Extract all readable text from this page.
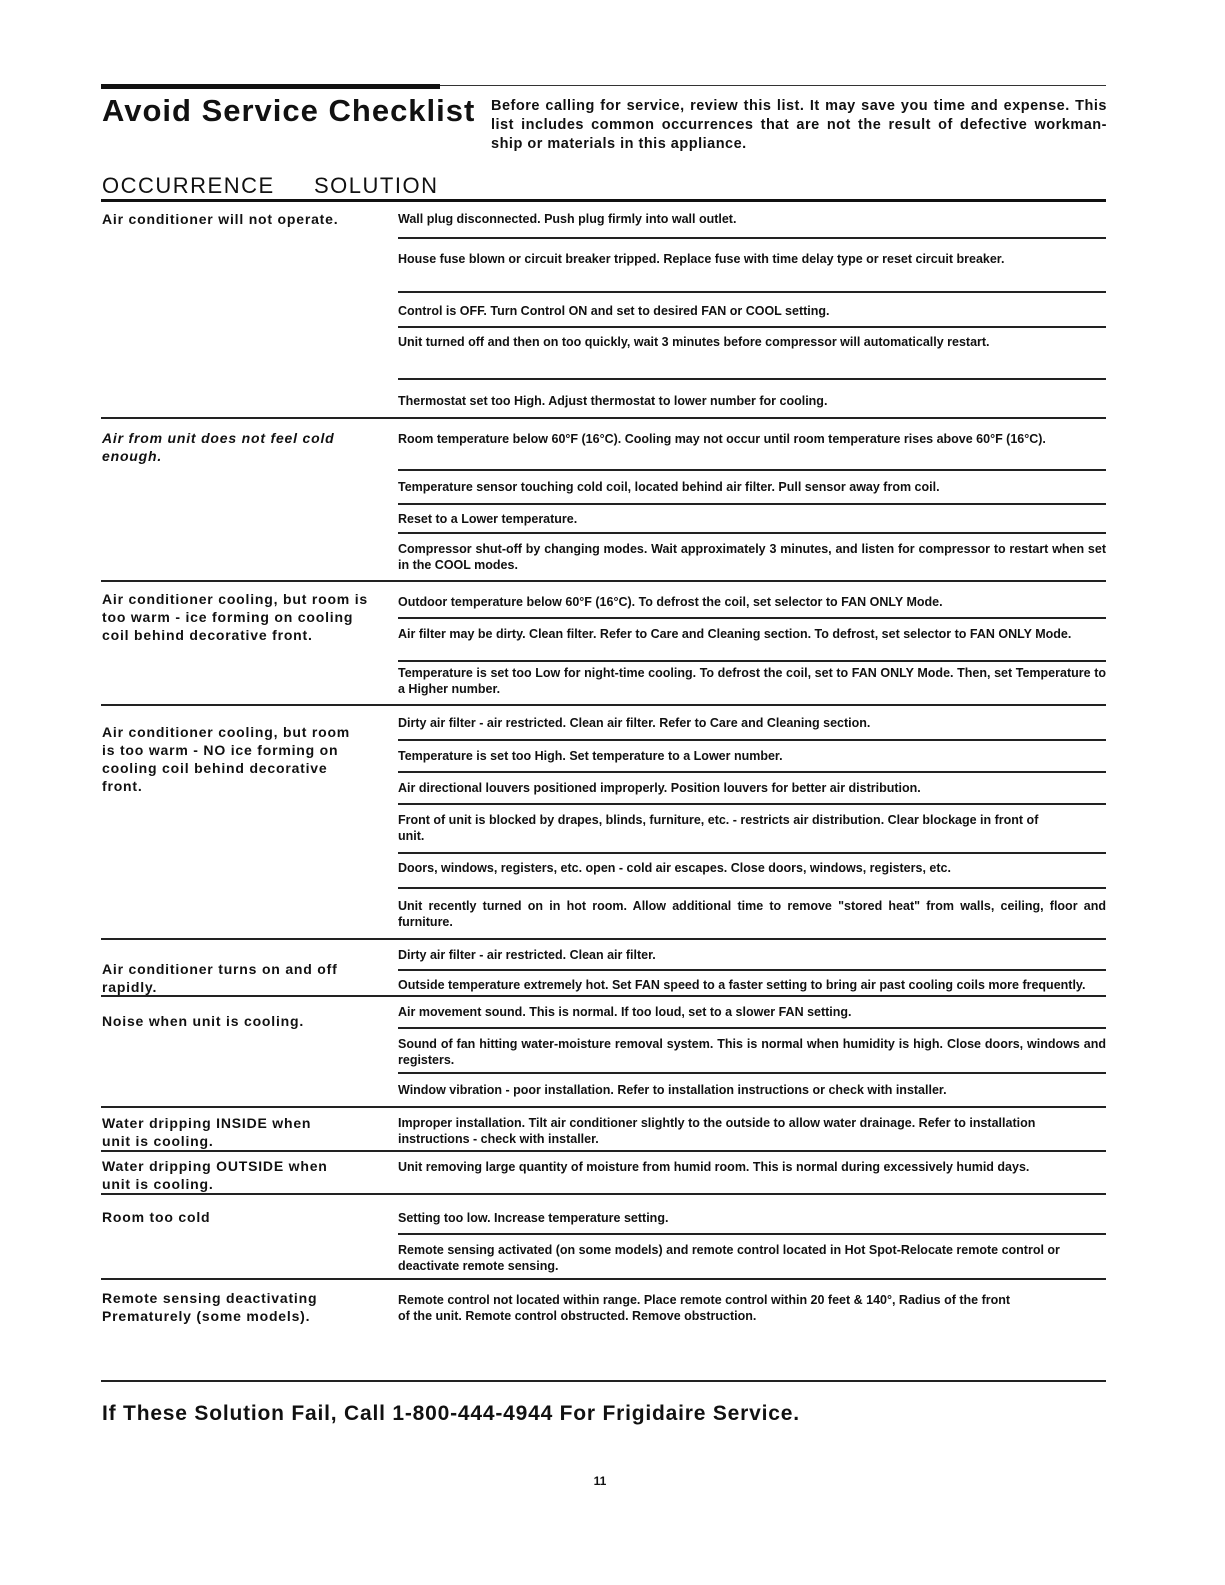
Avoid Service Checklist Before calling for service, review this list. It may save you time and expense. This list includes common occurrences that are not the result of defective workman- ship or materials in this appliance.
OCCURRENCE SOLUTION
Air conditioner will not operate.	Wall plug disconnected. Push plug firmly into wall outlet.
House fuse blown or circuit breaker tripped. Replace fuse with time delay type or reset circuit breaker.
Control is OFF. Turn Control ON and set to desired FAN or COOL setting.
Unit turned off and then on too quickly, wait 3 minutes before compressor will automatically restart.
Thermostat set too High. Adjust thermostat to lower number for cooling.
Air from unit does not feel cold enough.
Room temperature below 60°F (16°C). Cooling may not occur until room temperature rises above 60°F (16°C).
Temperature sensor touching cold coil, located behind air filter. Pull sensor away from coil.
Reset to a Lower temperature.
Compressor shut-off by changing modes. Wait approximately 3 minutes, and listen for compressor to restart when set in the COOL modes.
Air conditioner cooling, but room is too warm - ice forming on cooling coil behind decorative front.
Outdoor temperature below 60°F (16°C). To defrost the coil, set selector to FAN ONLY Mode.
Air filter may be dirty. Clean filter. Refer to Care and Cleaning section. To defrost, set selector to FAN ONLY Mode.
Temperature is set too Low for night-time cooling. To defrost the coil, set to FAN ONLY Mode. Then, set Temperature to a Higher number.
Air conditioner cooling, but room is too warm - NO ice forming on cooling coil behind decorative front.
Dirty air filter - air restricted. Clean air filter. Refer to Care and Cleaning section.
Temperature is set too High. Set temperature to a Lower number.
Air directional louvers positioned improperly. Position louvers for better air distribution.
Front of unit is blocked by drapes, blinds, furniture, etc. - restricts air distribution. Clear blockage in front of unit.
Doors, windows, registers, etc. open - cold air escapes. Close doors, windows, registers, etc.
Unit recently turned on in hot room. Allow additional time to remove "stored heat" from walls, ceiling, floor and furniture.
Air conditioner turns on and off rapidly.
Dirty air filter - air restricted. Clean air filter.
Outside temperature extremely hot. Set FAN speed to a faster setting to bring air past cooling coils more frequently.
Noise when unit is cooling.
Air movement sound. This is normal. If too loud, set to a slower FAN setting.
Sound of fan hitting water-moisture removal system. This is normal when humidity is high. Close doors, windows and registers.
Window vibration - poor installation. Refer to installation instructions or check with installer.
Water dripping INSIDE when unit is cooling.
Improper installation. Tilt air conditioner slightly to the outside to allow water drainage. Refer to installation instructions - check with installer.
Water dripping OUTSIDE when unit is cooling.
Unit removing large quantity of moisture from humid room. This is normal during excessively humid days.
Room too cold	Setting too low. Increase temperature setting.
Remote sensing activated (on some models) and remote control located in Hot Spot-Relocate remote control or deactivate remote sensing.
Remote sensing deactivating Prematurely (some models).
Remote control not located within range. Place remote control within 20 feet & 140°, Radius of the front of the unit. Remote control obstructed. Remove obstruction.
If These Solution Fail, Call 1-800-444-4944 For Frigidaire Service.
11
